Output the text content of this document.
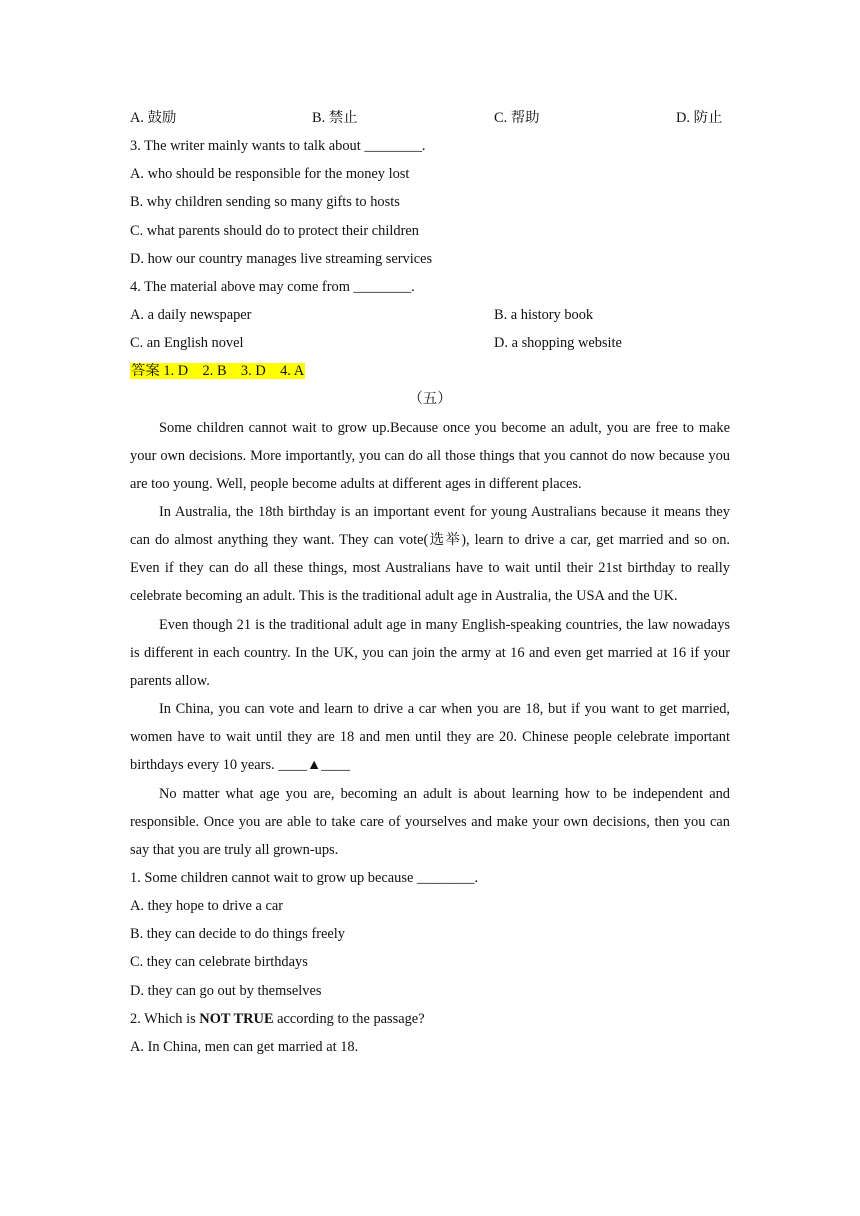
A. 鼓励	B. 禁止	C. 帮助	D. 防止
3. The writer mainly wants to talk about ________.
A. who should be responsible for the money lost
B. why children sending so many gifts to hosts
C. what parents should do to protect their children
D. how our country manages live streaming services
4. The material above may come from ________.
A. a daily newspaper	B. a history book
C. an English novel	D. a shopping website
答案 1. D    2. B    3. D    4. A
（五）

Some children cannot wait to grow up.Because once you become an adult, you are free to make your own decisions. More importantly, you can do all those things that you cannot do now because you are too young. Well, people become adults at different ages in different places.

In Australia, the 18th birthday is an important event for young Australians because it means they can do almost anything they want. They can vote(选举), learn to drive a car, get married and so on. Even if they can do all these things, most Australians have to wait until their 21st birthday to really celebrate becoming an adult. This is the traditional adult age in Australia, the USA and the UK.

Even though 21 is the traditional adult age in many English-speaking countries, the law nowadays is different in each country. In the UK, you can join the army at 16 and even get married at 16 if your parents allow.

In China, you can vote and learn to drive a car when you are 18, but if you want to get married, women have to wait until they are 18 and men until they are 20. Chinese people celebrate important birthdays every 10 years. ____▲____

No matter what age you are, becoming an adult is about learning how to be independent and responsible. Once you are able to take care of yourselves and make your own decisions, then you can say that you are truly all grown-ups.

1. Some children cannot wait to grow up because ________.
A. they hope to drive a car
B. they can decide to do things freely
C. they can celebrate birthdays
D. they can go out by themselves
2. Which is NOT TRUE according to the passage?
A. In China, men can get married at 18.
